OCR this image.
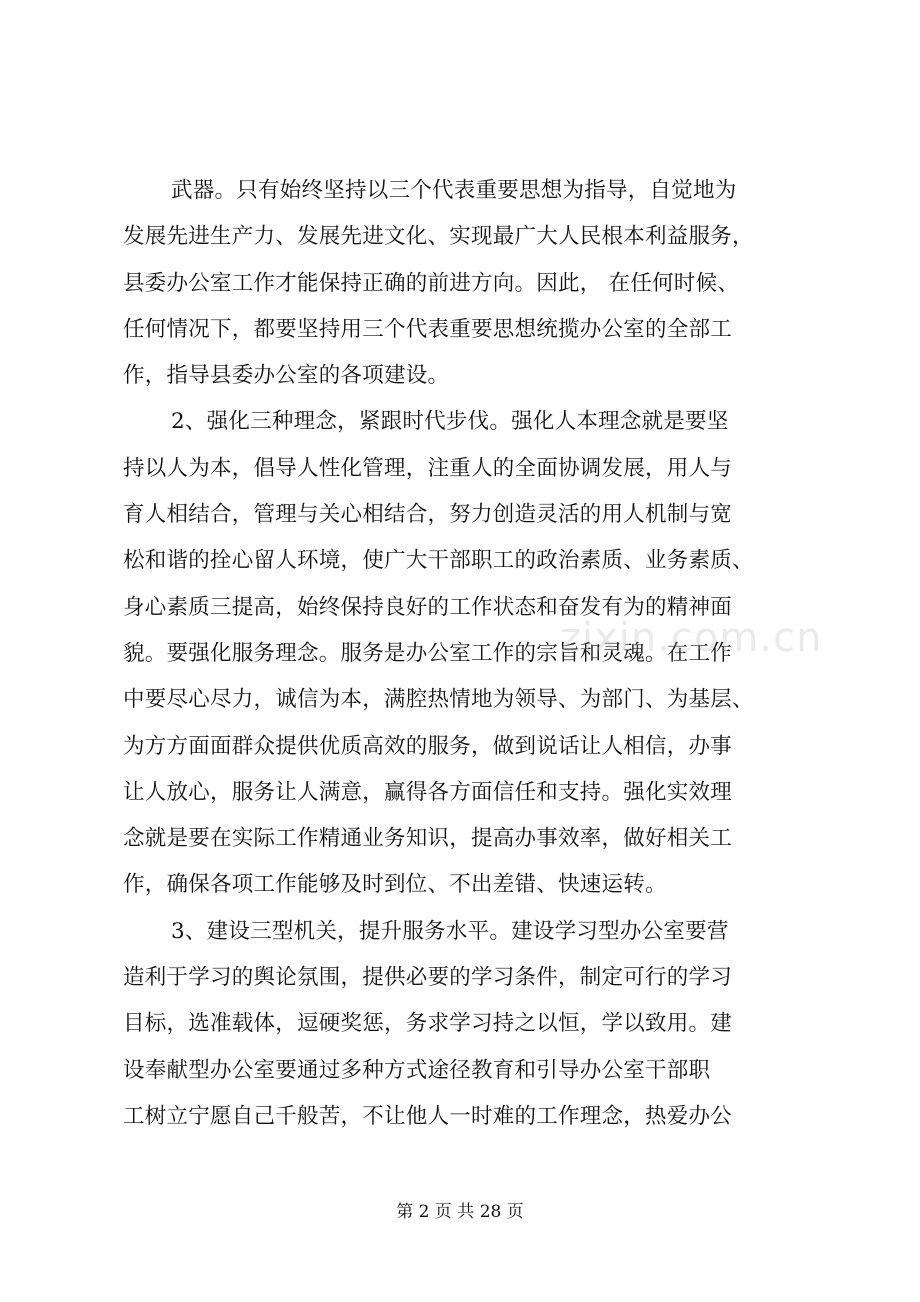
武器。只有始终坚持以三个代表重要思想为指导，自觉地为
发展先进生产力、发展先进文化、实现最广大人民根本利益服务，
县委办公室工作才能保持正确的前进方向。因此， 在任何时候、
任何情况下，都要坚持用三个代表重要思想统揽办公室的全部工
作，指导县委办公室的各项建设。
2、强化三种理念，紧跟时代步伐。强化人本理念就是要坚
持以人为本，倡导人性化管理，注重人的全面协调发展，用人与
育人相结合，管理与关心相结合，努力创造灵活的用人机制与宽
松和谐的拴心留人环境，使广大干部职工的政治素质、业务素质、
身心素质三提高，始终保持良好的工作状态和奋发有为的精神面
貌。要强化服务理念。服务是办公室工作的宗旨和灵魂。在工作
中要尽心尽力，诚信为本，满腔热情地为领导、为部门、为基层、
为方方面面群众提供优质高效的服务，做到说话让人相信，办事
让人放心，服务让人满意，赢得各方面信任和支持。强化实效理
念就是要在实际工作精通业务知识，提高办事效率，做好相关工
作，确保各项工作能够及时到位、不出差错、快速运转。
3、建设三型机关，提升服务水平。建设学习型办公室要营
造利于学习的舆论氛围，提供必要的学习条件，制定可行的学习
目标，选准载体，逗硬奖惩，务求学习持之以恒，学以致用。建
设奉献型办公室要通过多种方式途径教育和引导办公室干部职
工树立宁愿自己千般苦，不让他人一时难的工作理念，热爱办公
zixin.com.cn
第 2 页 共 28 页
